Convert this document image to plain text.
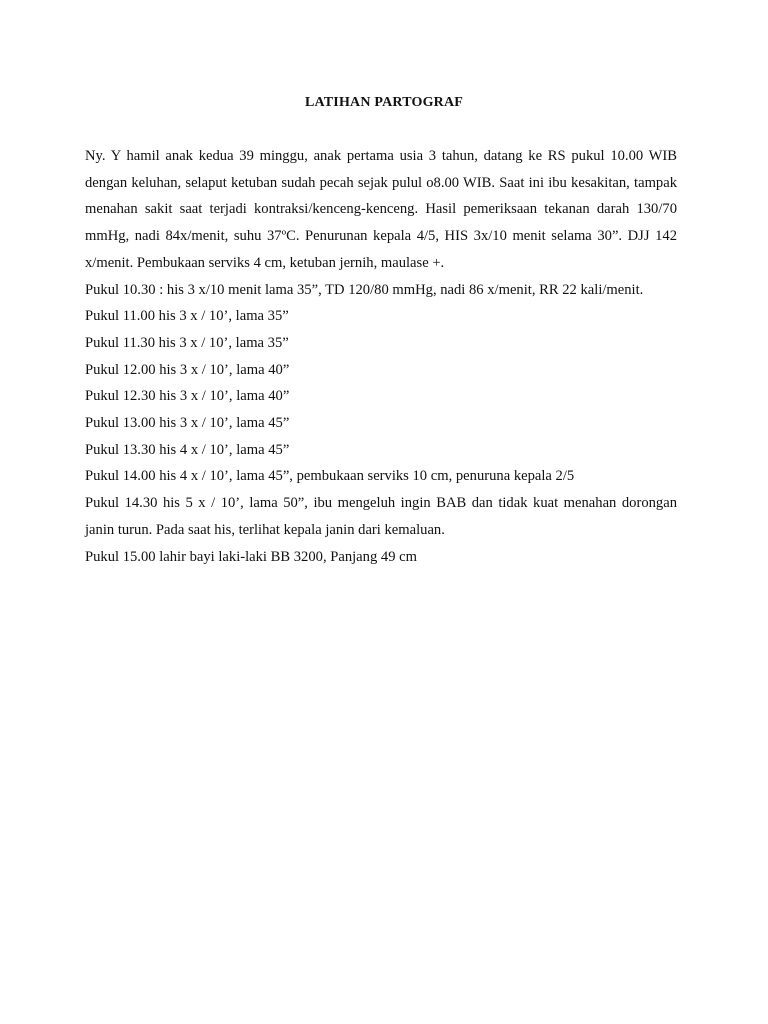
LATIHAN PARTOGRAF

Ny. Y hamil anak kedua 39 minggu, anak pertama usia 3 tahun, datang ke RS pukul 10.00 WIB dengan keluhan, selaput ketuban sudah pecah sejak pulul o8.00 WIB. Saat ini ibu kesakitan, tampak menahan sakit saat terjadi kontraksi/kenceng-kenceng. Hasil pemeriksaan tekanan darah 130/70 mmHg, nadi 84x/menit, suhu 37ºC. Penurunan kepala 4/5, HIS 3x/10 menit selama 30”. DJJ 142 x/menit. Pembukaan serviks 4 cm, ketuban jernih, maulase +.

Pukul 10.30 : his 3 x/10 menit lama 35”, TD 120/80 mmHg, nadi 86 x/menit, RR 22 kali/menit.

Pukul 11.00 his 3 x / 10’, lama 35”

Pukul 11.30 his 3 x / 10’, lama 35”

Pukul 12.00 his 3 x / 10’, lama 40”

Pukul 12.30 his 3 x / 10’, lama 40”

Pukul 13.00 his 3 x / 10’, lama 45”

Pukul 13.30 his 4 x / 10’, lama 45”

Pukul 14.00 his 4 x / 10’, lama 45”, pembukaan serviks 10 cm, penuruna kepala 2/5

Pukul 14.30 his 5 x / 10’, lama 50”, ibu mengeluh ingin BAB dan tidak kuat menahan dorongan janin turun. Pada saat his, terlihat kepala janin dari kemaluan.

Pukul 15.00 lahir bayi laki-laki BB 3200, Panjang 49 cm
